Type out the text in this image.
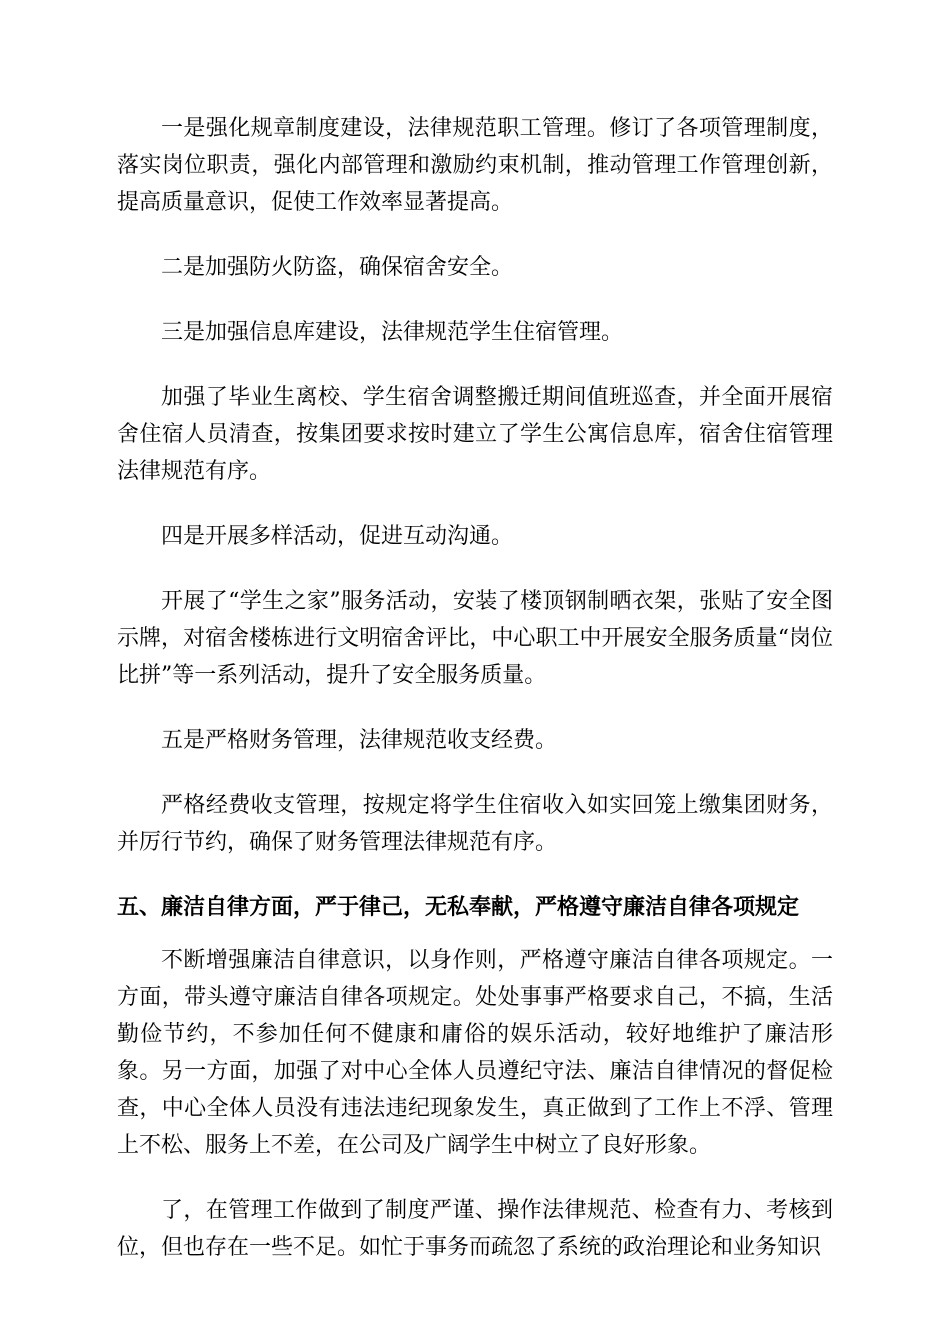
一是强化规章制度建设，法律规范职工管理。修订了各项管理制度，落实岗位职责，强化内部管理和激励约束机制，推动管理工作管理创新，提高质量意识，促使工作效率显著提高。

二是加强防火防盗，确保宿舍安全。

三是加强信息库建设，法律规范学生住宿管理。

加强了毕业生离校、学生宿舍调整搬迁期间值班巡查，并全面开展宿舍住宿人员清查，按集团要求按时建立了学生公寓信息库，宿舍住宿管理法律规范有序。

四是开展多样活动，促进互动沟通。

开展了“学生之家”服务活动，安装了楼顶钢制晒衣架，张贴了安全图示牌，对宿舍楼栋进行文明宿舍评比，中心职工中开展安全服务质量“岗位比拼”等一系列活动，提升了安全服务质量。

五是严格财务管理，法律规范收支经费。

严格经费收支管理，按规定将学生住宿收入如实回笼上缴集团财务，并厉行节约，确保了财务管理法律规范有序。

五、廉洁自律方面，严于律己，无私奉献，严格遵守廉洁自律各项规定

不断增强廉洁自律意识，以身作则，严格遵守廉洁自律各项规定。一方面，带头遵守廉洁自律各项规定。处处事事严格要求自己，不搞，生活勤俭节约，不参加任何不健康和庸俗的娱乐活动，较好地维护了廉洁形象。另一方面，加强了对中心全体人员遵纪守法、廉洁自律情况的督促检查，中心全体人员没有违法违纪现象发生，真正做到了工作上不浮、管理上不松、服务上不差，在公司及广阔学生中树立了良好形象。

了，在管理工作做到了制度严谨、操作法律规范、检查有力、考核到位，但也存在一些不足。如忙于事务而疏忽了系统的政治理论和业务知识
